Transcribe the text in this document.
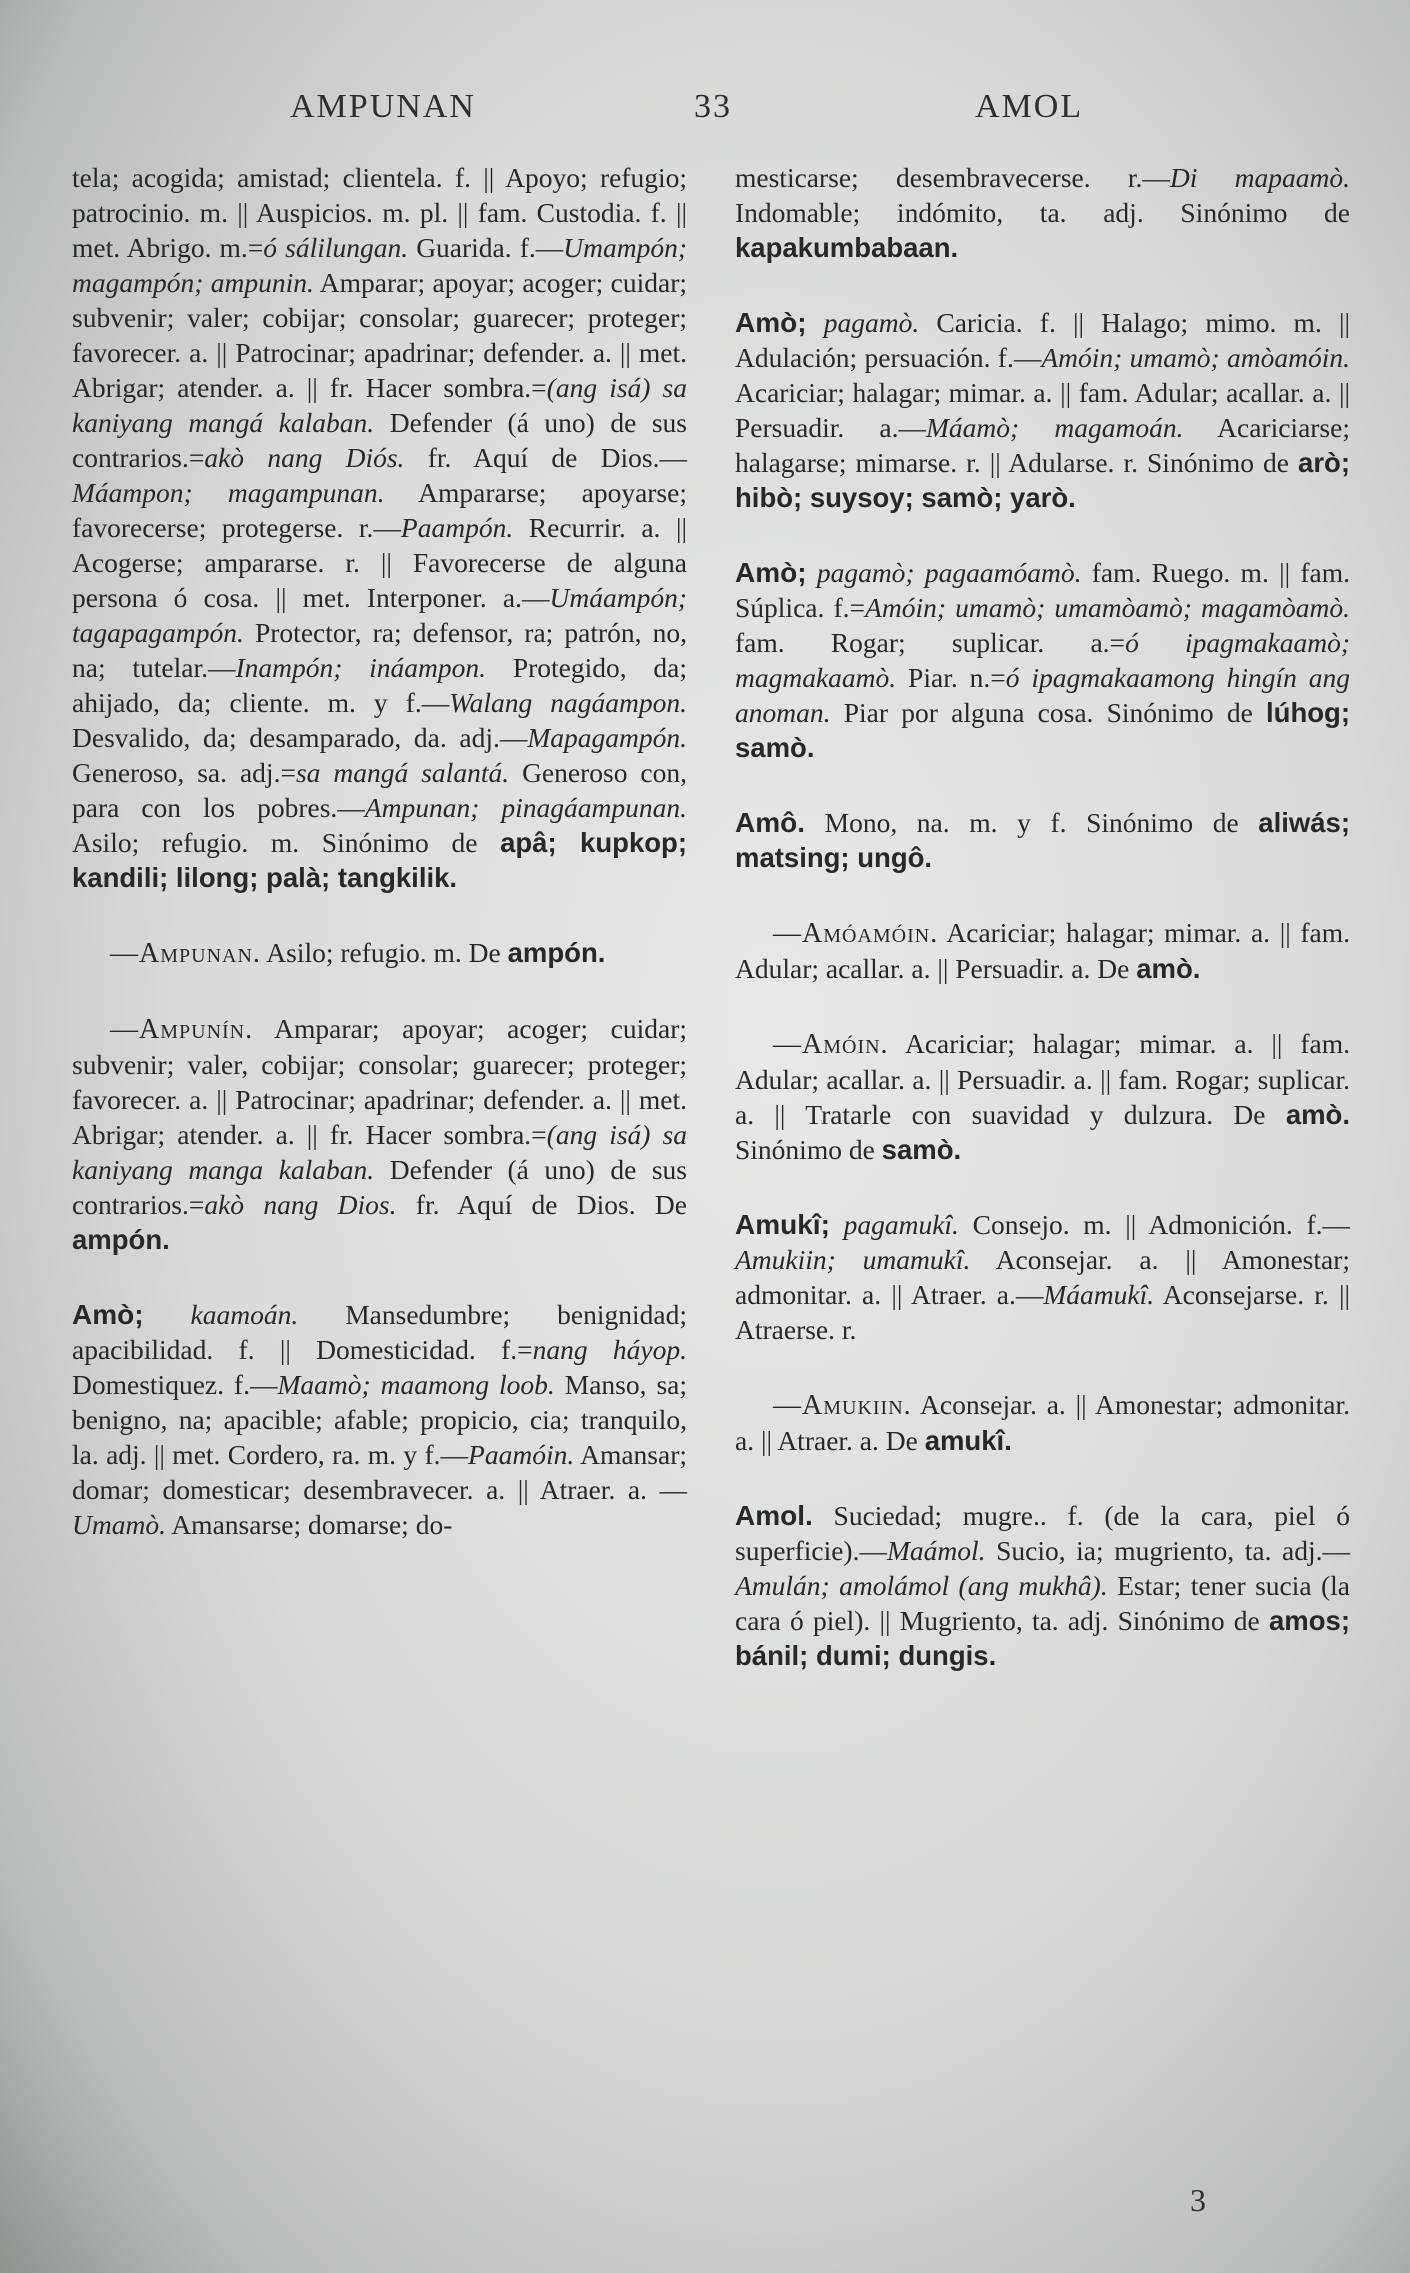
AMPUNAN	33	AMOL

tela; acogida; amistad; clientela. f. || Apoyo; refugio; patrocinio. m. || Auspicios. m. pl. || fam. Custodia. f. || met. Abrigo. m.=ó sálilungan. Guarida. f.—Umampón; magampón; ampunin. Amparar; apoyar; acoger; cuidar; subvenir; valer; cobijar; consolar; guarecer; proteger; favorecer. a. || Patrocinar; apadrinar; defender. a. || met. Abrigar; atender. a. || fr. Hacer sombra.=(ang isá) sa kaniyang mangá kalaban. Defender (á uno) de sus contrarios.=akò nang Diós. fr. Aquí de Dios.—Máampon; magampunan. Ampararse; apoyarse; favorecerse; protegerse. r.—Paampón. Recurrir. a. || Acogerse; ampararse. r. || Favorecerse de alguna persona ó cosa. || met. Interponer. a.—Umáampón; tagapagampón. Protector, ra; defensor, ra; patrón, no, na; tutelar.—Inampón; ináampon. Protegido, da; ahijado, da; cliente. m. y f.—Walang nagáampon. Desvalido, da; desamparado, da. adj.—Mapagampón. Generoso, sa. adj.=sa mangá salantá. Generoso con, para con los pobres.—Ampunan; pinagáampunan. Asilo; refugio. m. Sinónimo de apâ; kupkop; kandili; lilong; palà; tangkilik.

—Ampunan. Asilo; refugio. m. De ampón.

—Ampunín. Amparar; apoyar; acoger; cuidar; subvenir; valer, cobijar; consolar; guarecer; proteger; favorecer. a. || Patrocinar; apadrinar; defender. a. || met. Abrigar; atender. a. || fr. Hacer sombra.=(ang isá) sa kaniyang manga kalaban. Defender (á uno) de sus contrarios.=akò nang Dios. fr. Aquí de Dios. De ampón.

Amò; kaamoán. Mansedumbre; benignidad; apacibilidad. f. || Domesticidad. f.=nang háyop. Domestiquez. f.—Maamò; maamong loob. Manso, sa; benigno, na; apacible; afable; propicio, cia; tranquilo, la. adj. || met. Cordero, ra. m. y f.—Paamóin. Amansar; domar; domesticar; desembravecer. a. || Atraer. a. —Umamò. Amansarse; domarse; do-

mesticarse; desembravecerse. r.—Di mapaamò. Indomable; indómito, ta. adj. Sinónimo de kapakumbabaan.

Amò; pagamò. Caricia. f. || Halago; mimo. m. || Adulación; persuación. f.—Amóin; umamò; amòamóin. Acariciar; halagar; mimar. a. || fam. Adular; acallar. a. || Persuadir. a.—Máamò; magamoán. Acariciarse; halagarse; mimarse. r. || Adularse. r. Sinónimo de arò; hibò; suysoy; samò; yarò.

Amò; pagamò; pagaamóamò. fam. Ruego. m. || fam. Súplica. f.=Amóin; umamò; umamòamò; magamòamò. fam. Rogar; suplicar. a.=ó ipagmakaamò; magmakaamò. Piar. n.=ó ipagmakaamong hingín ang anoman. Piar por alguna cosa. Sinónimo de lúhog; samò.

Amô. Mono, na. m. y f. Sinónimo de aliwás; matsing; ungô.

—Amóamóin. Acariciar; halagar; mimar. a. || fam. Adular; acallar. a. || Persuadir. a. De amò.

—Amóin. Acariciar; halagar; mimar. a. || fam. Adular; acallar. a. || Persuadir. a. || fam. Rogar; suplicar. a. || Tratarle con suavidad y dulzura. De amò. Sinónimo de samò.

Amukî; pagamukî. Consejo. m. || Admonición. f.—Amukiin; umamukî. Aconsejar. a. || Amonestar; admonitar. a. || Atraer. a.—Máamukî. Aconsejarse. r. || Atraerse. r.

—Amukiin. Aconsejar. a. || Amonestar; admonitar. a. || Atraer. a. De amukî.

Amol. Suciedad; mugre.. f. (de la cara, piel ó superficie).—Maámol. Sucio, ia; mugriento, ta. adj.—Amulán; amolámol (ang mukhâ). Estar; tener sucia (la cara ó piel). || Mugriento, ta. adj. Sinónimo de amos; bánil; dumi; dungis.

3
